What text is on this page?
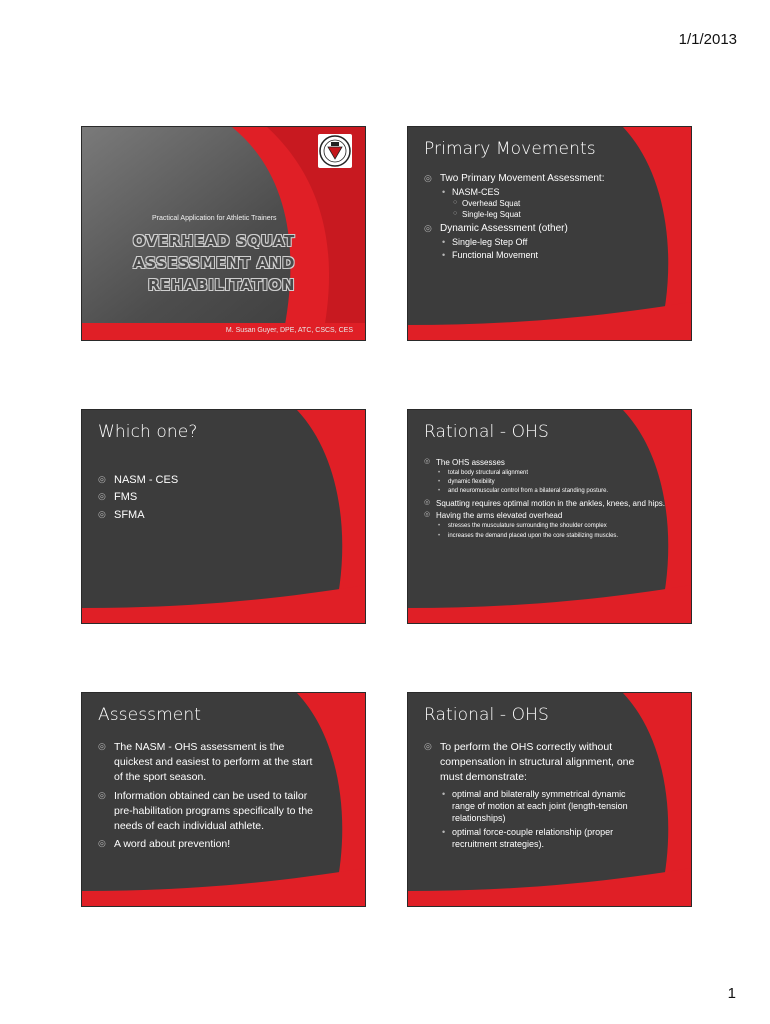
1/1/2013
Practical Application for Athletic Trainers
OVERHEAD SQUAT
ASSESSMENT AND
REHABILITATION
M. Susan Guyer, DPE, ATC, CSCS, CES
Primary Movements
◎ Two Primary Movement Assessment:
• NASM-CES
○ Overhead Squat
○ Single-leg Squat
◎ Dynamic Assessment (other)
• Single-leg Step Off
• Functional Movement
Which one?
◎ NASM - CES
◎ FMS
◎ SFMA
Rational - OHS
◎ The OHS assesses
• total body structural alignment
• dynamic flexibility
• and neuromuscular control from a bilateral standing posture.
◎ Squatting requires optimal motion in the ankles, knees, and hips.
◎ Having the arms elevated overhead
• stresses the musculature surrounding the shoulder complex
• increases the demand placed upon the core stabilizing muscles.
Assessment
◎ The NASM - OHS assessment is the quickest and easiest to perform at the start of the sport season.
◎ Information obtained can be used to tailor pre-habilitation programs specifically to the needs of each individual athlete.
◎ A word about prevention!
Rational - OHS
◎ To perform the OHS correctly without compensation in structural alignment, one must demonstrate:
• optimal and bilaterally symmetrical dynamic range of motion at each joint (length-tension relationships)
• optimal force-couple relationship (proper recruitment strategies).
1
